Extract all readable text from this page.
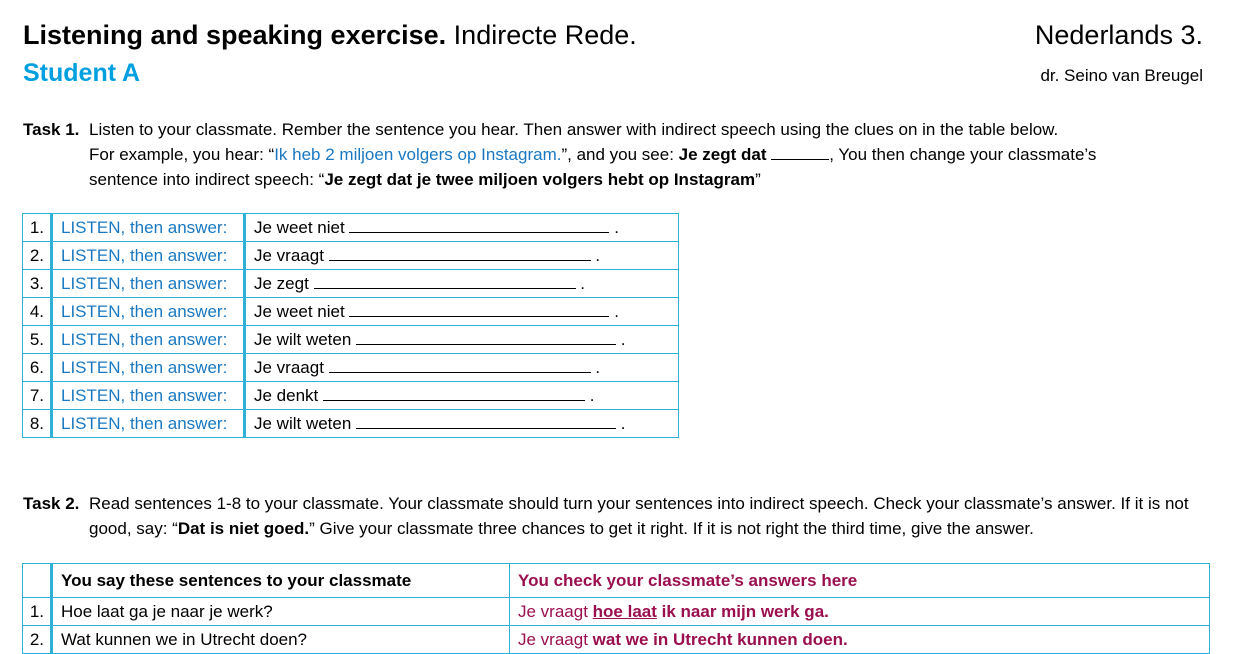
Listening and speaking exercise. Indirecte Rede.	Nederlands 3.
Student A	dr. Seino van Breugel
Task 1. Listen to your classmate. Rember the sentence you hear. Then answer with indirect speech using the clues on in the table below.
For example, you hear: “Ik heb 2 miljoen volgers op Instagram.”, and you see: Je zegt dat	, You then change your classmate’s
sentence into indirect speech: “Je zegt dat je twee miljoen volgers hebt op Instagram”
1.	LISTEN, then answer:	Je weet niet .
2.	LISTEN, then answer:	Je vraagt .
3.	LISTEN, then answer:	Je zegt .
4.	LISTEN, then answer:	Je weet niet .
5.	LISTEN, then answer:	Je wilt weten .
6.	LISTEN, then answer:	Je vraagt .
7.	LISTEN, then answer:	Je denkt .
8.	LISTEN, then answer:	Je wilt weten .
Task 2. Read sentences 1-8 to your classmate. Your classmate should turn your sentences into indirect speech. Check your classmate’s answer. If it is not good, say: “Dat is niet goed.” Give your classmate three chances to get it right. If it is not right the third time, give the answer.
	You say these sentences to your classmate	You check your classmate’s answers here
1.	Hoe laat ga je naar je werk?	Je vraagt hoe laat ik naar mijn werk ga.
2.	Wat kunnen we in Utrecht doen?	Je vraagt wat we in Utrecht kunnen doen.
